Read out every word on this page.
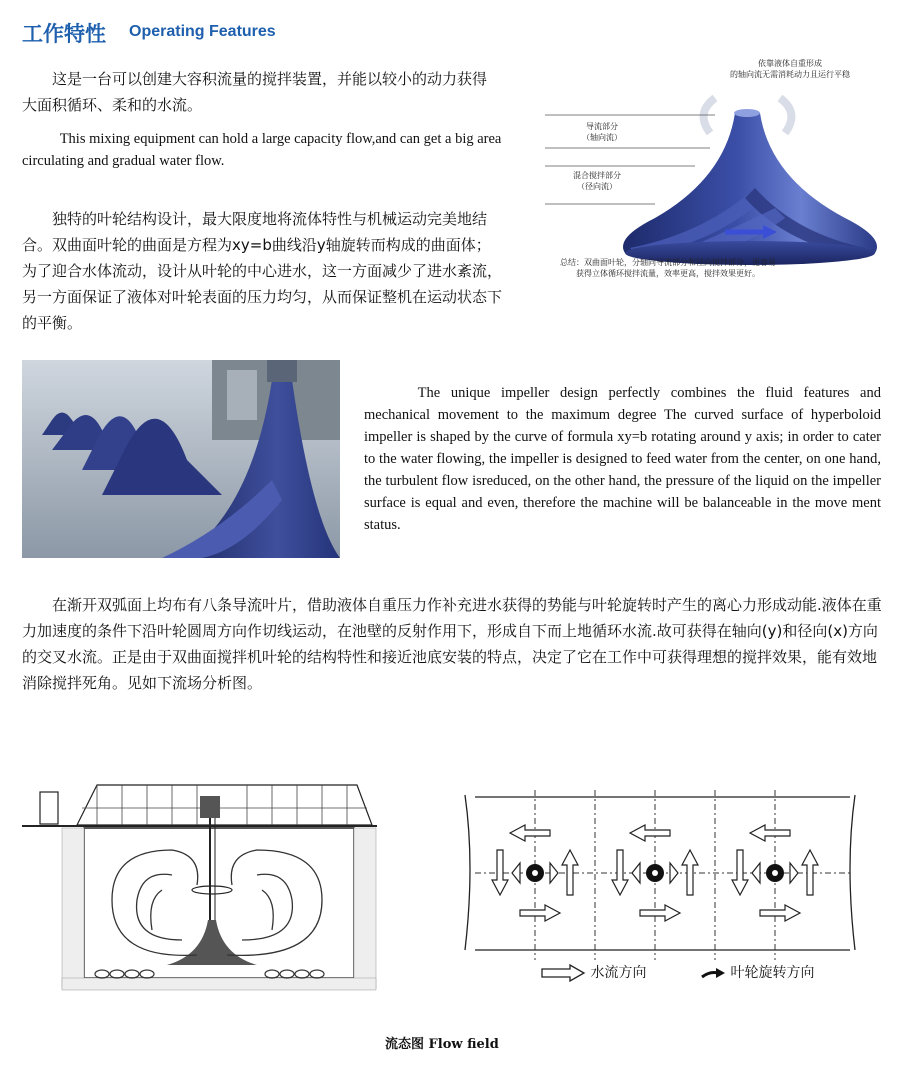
工作特性 Operating Features

这是一台可以创建大容积流量的搅拌装置，并能以较小的动力获得大面积循环、柔和的水流。

This mixing equipment can hold a large capacity flow,and can get a big area circulating and gradual water flow.

依靠液体自重形成
的轴向流无需消耗动力且运行平稳
导流部分
（轴向流）
混合搅拌部分
（径向流）
总结：双曲面叶轮，分轴向导流部分和径向搅拌部分，更容易
获得立体循环搅拌流量，效率更高，搅拌效果更好。

独特的叶轮结构设计，最大限度地将流体特性与机械运动完美地结合。双曲面叶轮的曲面是方程为xy=b曲线沿y轴旋转而构成的曲面体；为了迎合水体流动，设计从叶轮的中心进水，这一方面减少了进水紊流，另一方面保证了液体对叶轮表面的压力均匀，从而保证整机在运动状态下的平衡。

The unique impeller design perfectly combines the fluid features and mechanical movement to the maximum degree The curved surface of hyperboloid impeller is shaped by the curve of formula xy=b rotating around y axis; in order to cater to the water flowing, the impeller is designed to feed water from the center, on one hand, the turbulent flow isreduced, on the other hand, the pressure of the liquid on the impeller surface is equal and even, therefore the machine will be balanceable in the move ment status.

在渐开双弧面上均布有八条导流叶片，借助液体自重压力作补充进水获得的势能与叶轮旋转时产生的离心力形成动能.液体在重力加速度的条件下沿叶轮圆周方向作切线运动，在池壁的反射作用下，形成自下而上地循环水流.故可获得在轴向(y)和径向(x)方向的交叉水流。正是由于双曲面搅拌机叶轮的结构特性和接近池底安装的特点，决定了它在工作中可获得理想的搅拌效果，能有效地消除搅拌死角。见如下流场分析图。

水流方向	叶轮旋转方向
流态图 Flow field
